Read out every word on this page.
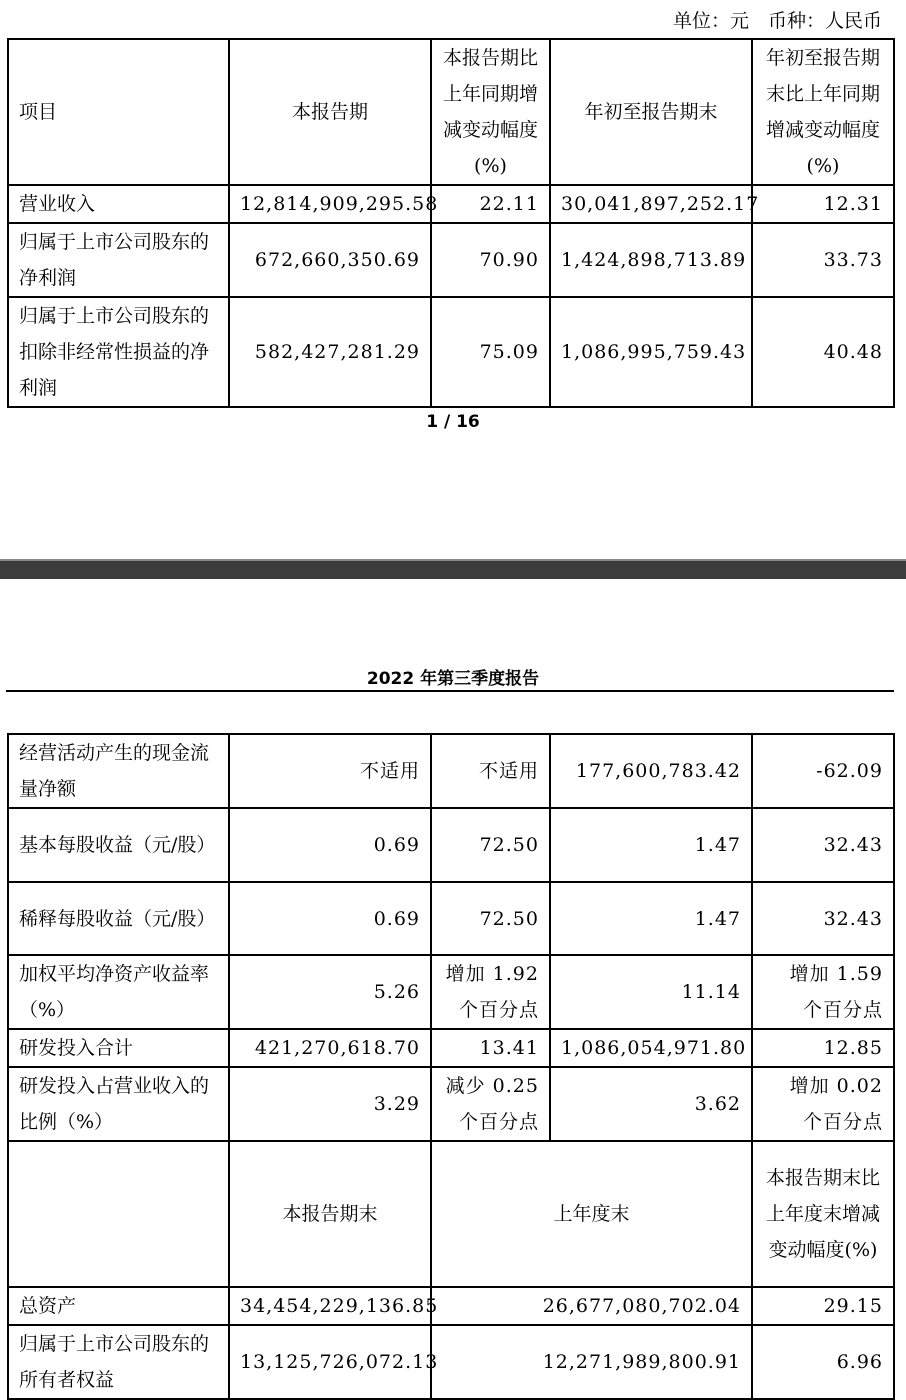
单位：元　币种：人民币
项目	本报告期	本报告期比上年同期增减变动幅度(%)	年初至报告期末	年初至报告期末比上年同期增减变动幅度(%)
营业收入	12,814,909,295.58	22.11	30,041,897,252.17	12.31
归属于上市公司股东的净利润	672,660,350.69	70.90	1,424,898,713.89	33.73
归属于上市公司股东的扣除非经常性损益的净利润	582,427,281.29	75.09	1,086,995,759.43	40.48
1 / 16
2022 年第三季度报告
经营活动产生的现金流量净额	不适用	不适用	177,600,783.42	-62.09
基本每股收益（元/股）	0.69	72.50	1.47	32.43
稀释每股收益（元/股）	0.69	72.50	1.47	32.43
加权平均净资产收益率（%）	5.26	增加 1.92 个百分点	11.14	增加 1.59 个百分点
研发投入合计	421,270,618.70	13.41	1,086,054,971.80	12.85
研发投入占营业收入的比例（%）	3.29	减少 0.25 个百分点	3.62	增加 0.02 个百分点
	本报告期末	上年度末		本报告期末比上年度末增减变动幅度(%)
总资产	34,454,229,136.85	26,677,080,702.04		29.15
归属于上市公司股东的所有者权益	13,125,726,072.13	12,271,989,800.91		6.96
